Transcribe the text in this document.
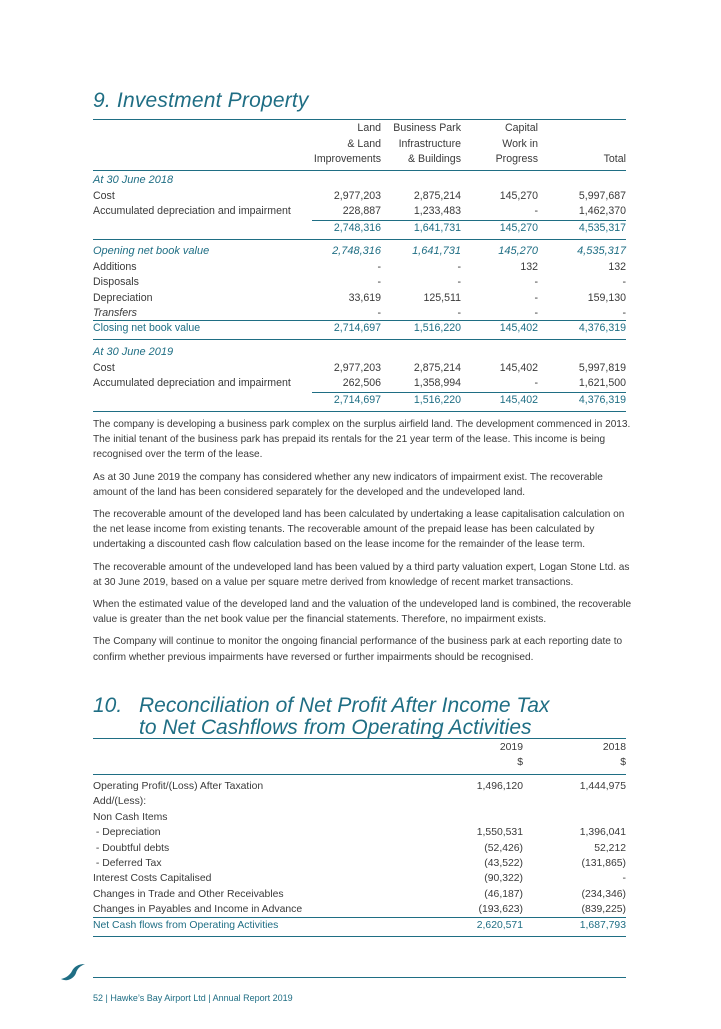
9. Investment Property
	Land	Business Park	Capital	
	& Land	Infrastructure	Work in	
	Improvements	& Buildings	Progress	Total
At 30 June 2018				
Cost	2,977,203	2,875,214	145,270	5,997,687
Accumulated depreciation and impairment	228,887	1,233,483	-	1,462,370
	2,748,316	1,641,731	145,270	4,535,317
Opening net book value	2,748,316	1,641,731	145,270	4,535,317
Additions	-	-	132	132
Disposals	-	-	-	-
Depreciation	33,619	125,511	-	159,130
Transfers	-	-	-	-
Closing net book value	2,714,697	1,516,220	145,402	4,376,319
At 30 June 2019				
Cost	2,977,203	2,875,214	145,402	5,997,819
Accumulated depreciation and impairment	262,506	1,358,994	-	1,621,500
	2,714,697	1,516,220	145,402	4,376,319

The company is developing a business park complex on the surplus airfield land. The development commenced in 2013. The initial tenant of the business park has prepaid its rentals for the 21 year term of the lease. This income is being recognised over the term of the lease.

As at 30 June 2019 the company has considered whether any new indicators of impairment exist. The recoverable amount of the land has been considered separately for the developed and the undeveloped land.

The recoverable amount of the developed land has been calculated by undertaking a lease capitalisation calculation on the net lease income from existing tenants. The recoverable amount of the prepaid lease has been calculated by undertaking a discounted cash flow calculation based on the lease income for the remainder of the lease term.

The recoverable amount of the undeveloped land has been valued by a third party valuation expert, Logan Stone Ltd. as at 30 June 2019, based on a value per square metre derived from knowledge of recent market transactions.

When the estimated value of the developed land and the valuation of the undeveloped land is combined, the recoverable value is greater than the net book value per the financial statements. Therefore, no impairment exists.

The Company will continue to monitor the ongoing financial performance of the business park at each reporting date to confirm whether previous impairments have reversed or further impairments should be recognised.

10. Reconciliation of Net Profit After Income Tax
to Net Cashflows from Operating Activities
	2019	2018
	$	$
Operating Profit/(Loss) After Taxation	1,496,120	1,444,975
Add/(Less):		
Non Cash Items		
- Depreciation	1,550,531	1,396,041
- Doubtful debts	(52,426)	52,212
- Deferred Tax	(43,522)	(131,865)
Interest Costs Capitalised	(90,322)	-
Changes in Trade and Other Receivables	(46,187)	(234,346)
Changes in Payables and Income in Advance	(193,623)	(839,225)
Net Cash flows from Operating Activities	2,620,571	1,687,793
52 | Hawke’s Bay Airport Ltd | Annual Report 2019
